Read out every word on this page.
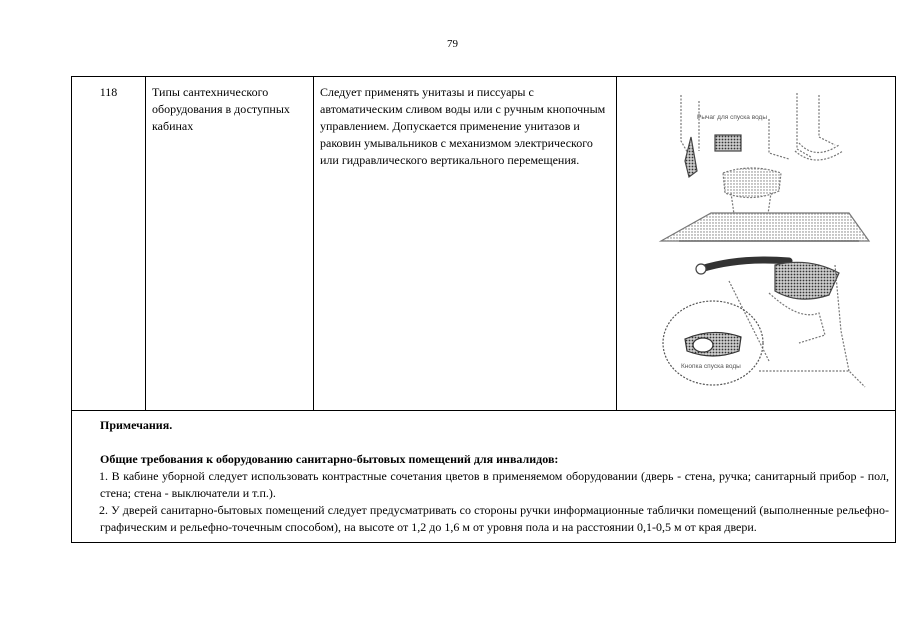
79
118	Типы сантехнического оборудования в доступных кабинах	Следует применять унитазы и писсуары с автоматическим сливом воды или с ручным кнопочным управлением. Допускается применение унитазов и раковин умывальников с механизмом электрического или гидравлического вертикального перемещения.	
Рычаг для спуска воды
Кнопка спуска воды

Примечания.

Общие требования к оборудованию санитарно-бытовых помещений для инвалидов:

1. В кабине уборной следует использовать контрастные сочетания цветов в применяемом оборудовании (дверь - стена, ручка; санитарный прибор - пол, стена; стена - выключатели и т.п.).

2. У дверей санитарно-бытовых помещений следует предусматривать со стороны ручки информационные таблички помещений (выполненные рельефно-графическим и рельефно-точечным способом), на высоте от 1,2 до 1,6 м от уровня пола и на расстоянии 0,1-0,5 м от края двери.
